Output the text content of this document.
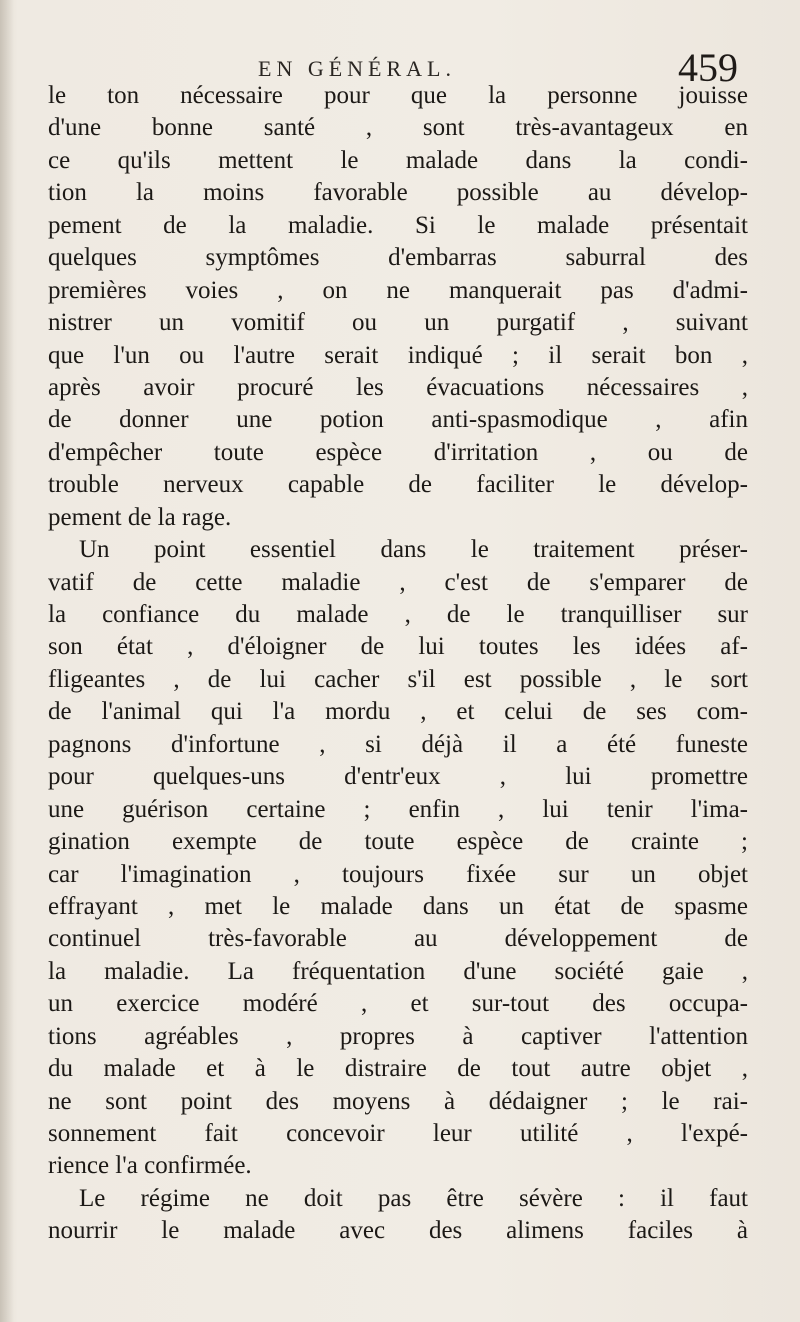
EN GÉNÉRAL.	459
le ton nécessaire pour que la personne jouisse
d'une bonne santé , sont très-avantageux en
ce qu'ils mettent le malade dans la condi-
tion la moins favorable possible au dévelop-
pement de la maladie. Si le malade présentait
quelques symptômes d'embarras saburral des
premières voies , on ne manquerait pas d'admi-
nistrer un vomitif ou un purgatif , suivant
que l'un ou l'autre serait indiqué ; il serait bon ,
après avoir procuré les évacuations nécessaires ,
de donner une potion anti-spasmodique , afin
d'empêcher toute espèce d'irritation , ou de
trouble nerveux capable de faciliter le dévelop-
pement de la rage.
Un point essentiel dans le traitement préser-
vatif de cette maladie , c'est de s'emparer de
la confiance du malade , de le tranquilliser sur
son état , d'éloigner de lui toutes les idées af-
fligeantes , de lui cacher s'il est possible , le sort
de l'animal qui l'a mordu , et celui de ses com-
pagnons d'infortune , si déjà il a été funeste
pour quelques-uns d'entr'eux , lui promettre
une guérison certaine ; enfin , lui tenir l'ima-
gination exempte de toute espèce de crainte ;
car l'imagination , toujours fixée sur un objet
effrayant , met le malade dans un état de spasme
continuel très-favorable au développement de
la maladie. La fréquentation d'une société gaie ,
un exercice modéré , et sur-tout des occupa-
tions agréables , propres à captiver l'attention
du malade et à le distraire de tout autre objet ,
ne sont point des moyens à dédaigner ; le rai-
sonnement fait concevoir leur utilité , l'expé-
rience l'a confirmée.
Le régime ne doit pas être sévère : il faut
nourrir le malade avec des alimens faciles à
